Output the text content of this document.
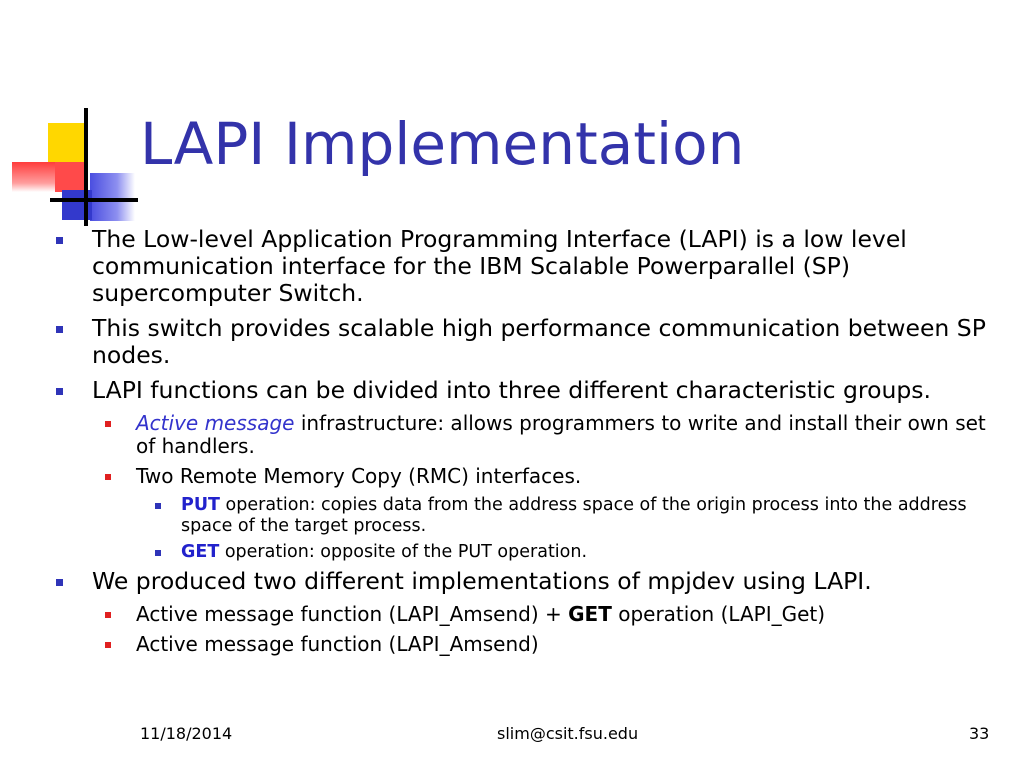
LAPI Implementation
The Low-level Application Programming Interface (LAPI) is a low level communication interface for the IBM Scalable Powerparallel (SP) supercomputer Switch.
This switch provides scalable high performance communication between SP nodes.
LAPI functions can be divided into three different characteristic groups.
Active message infrastructure: allows programmers to write and install their own set of handlers.
Two Remote Memory Copy (RMC) interfaces.
PUT operation: copies data from the address space of the origin process into the address space of the target process.
GET operation: opposite of the PUT operation.
We produced two different implementations of mpjdev using LAPI.
Active message function (LAPI_Amsend) + GET operation (LAPI_Get)
Active message function (LAPI_Amsend)
11/18/2014	slim@csit.fsu.edu	33
